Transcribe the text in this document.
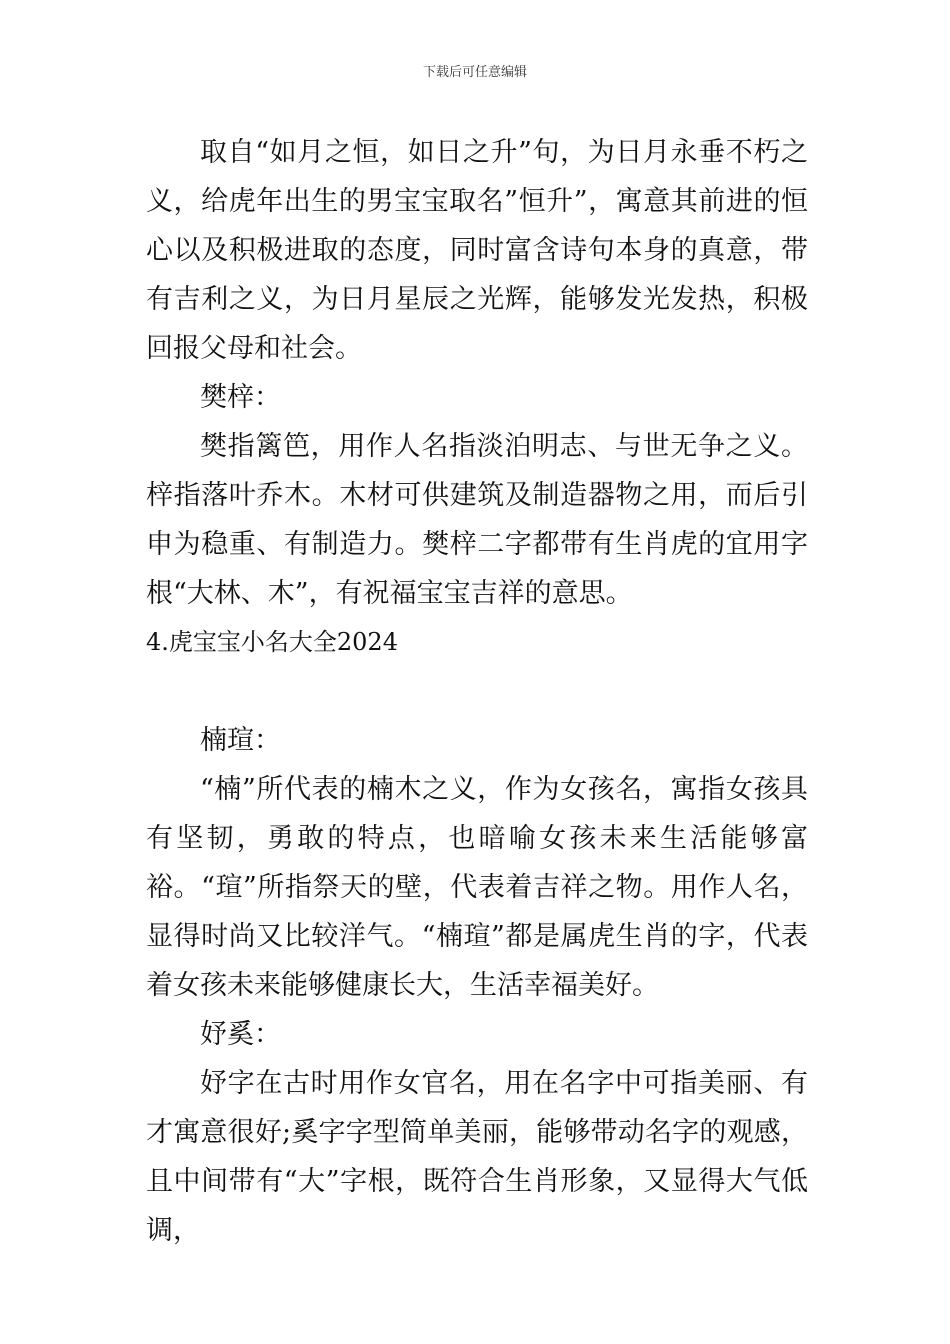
下载后可任意编辑

取自“如月之恒，如日之升”句，为日月永垂不朽之义，给虎年出生的男宝宝取名”恒升”，寓意其前进的恒心以及积极进取的态度，同时富含诗句本身的真意，带有吉利之义，为日月星辰之光辉，能够发光发热，积极回报父母和社会。

樊梓：

樊指篱笆，用作人名指淡泊明志、与世无争之义。梓指落叶乔木。木材可供建筑及制造器物之用，而后引申为稳重、有制造力。樊梓二字都带有生肖虎的宜用字根“大林、木”，有祝福宝宝吉祥的意思。

4.虎宝宝小名大全2024

楠瑄：

“楠”所代表的楠木之义，作为女孩名，寓指女孩具有坚韧，勇敢的特点，也暗喻女孩未来生活能够富裕。“瑄”所指祭天的壁，代表着吉祥之物。用作人名，显得时尚又比较洋气。“楠瑄”都是属虎生肖的字，代表着女孩未来能够健康长大，生活幸福美好。

妤奚：

妤字在古时用作女官名，用在名字中可指美丽、有才寓意很好;奚字字型简单美丽，能够带动名字的观感，且中间带有“大”字根，既符合生肖形象，又显得大气低调，
